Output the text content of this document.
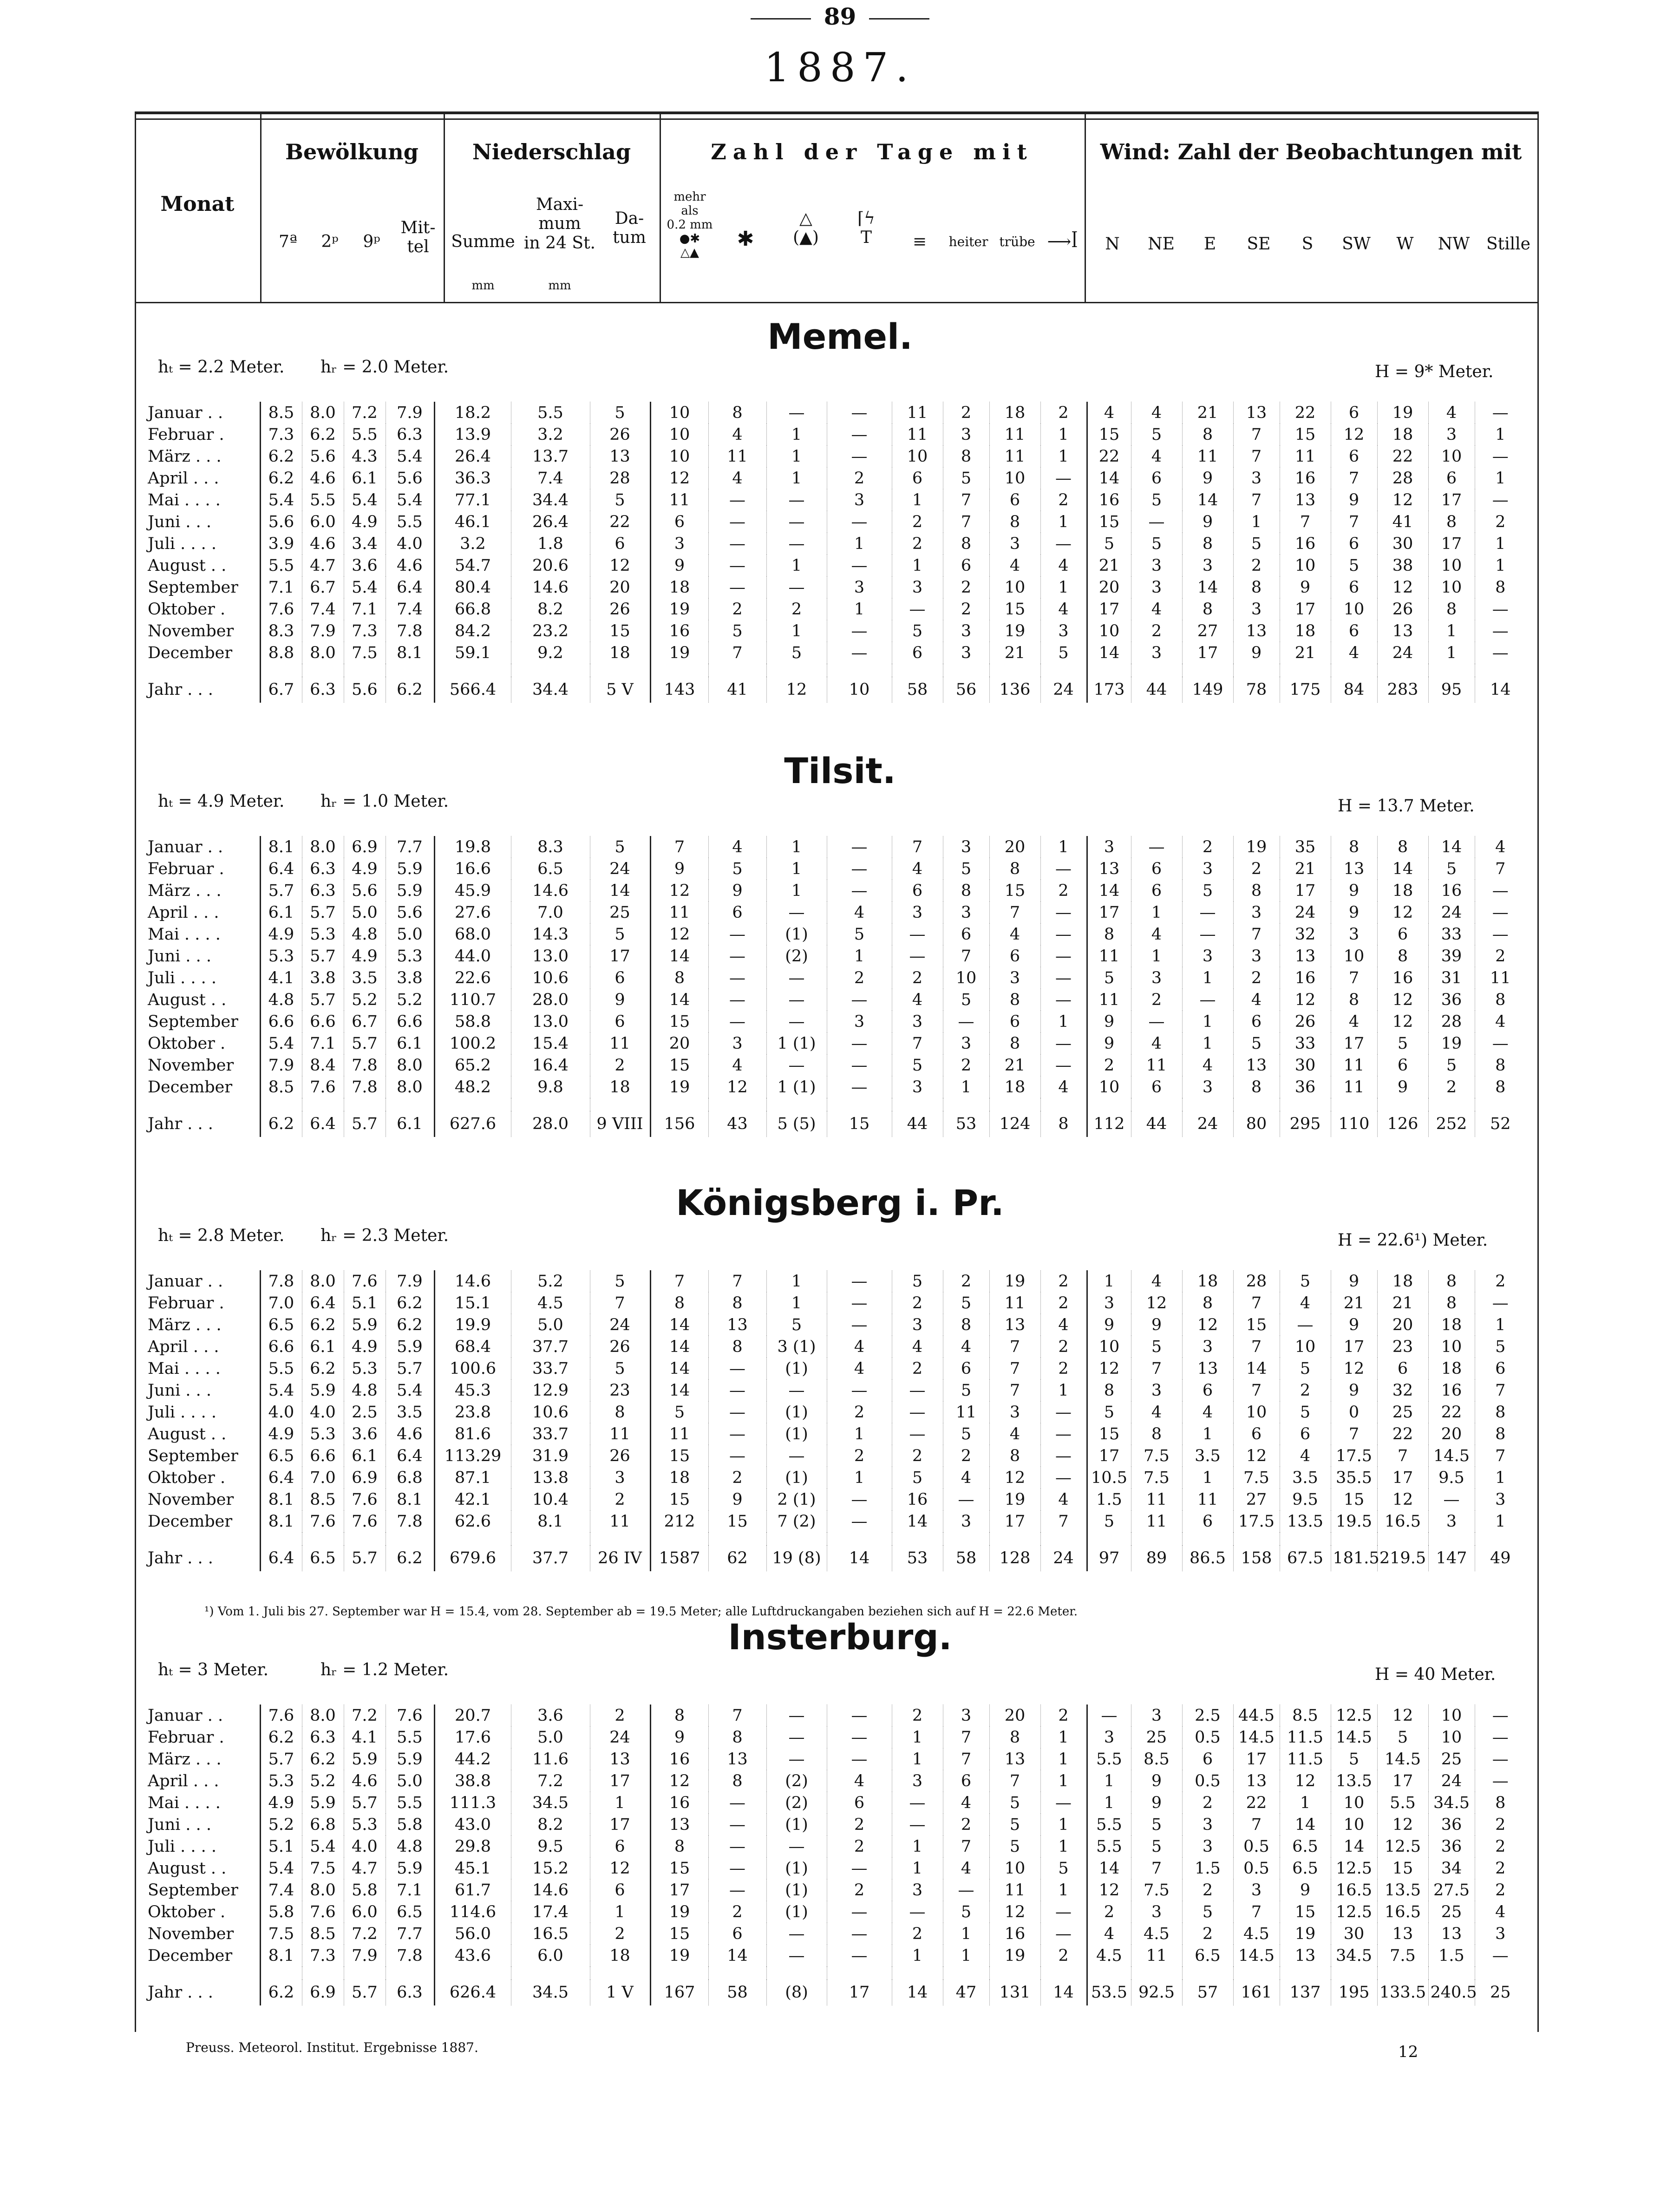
89
1887.
Monat
Bewölkung	Niederschlag	Zahl der Tage mit	Wind: Zahl der Beobachtungen mit
7ª	2ᵖ	9ᵖ
Mit-
tel	Summe
mm
Maxi-
mum
in 24 St.
mm
Da-
tum
mehr
als
0.2 mm
●✱
△▲
✱
△
(▲)
⌈ϟ
T	≡	heiter trübe ⟶ꟾ	N	NE	E	SE	S	SW	W	NW Stille
Memel.
hₜ = 2.2 Meter. hᵣ = 2.0 Meter.	H = 9* Meter.
Tilsit.
hₜ = 4.9 Meter. hᵣ = 1.0 Meter.	H = 13.7 Meter.
Königsberg i. Pr.
hₜ = 2.8 Meter. hᵣ = 2.3 Meter.	H = 22.6¹) Meter.
Insterburg.
hₜ = 3 Meter.	hᵣ = 1.2 Meter.	H = 40 Meter.
Januar . .	8.5	8.0	7.2	7.9	18.2	5.5	5	10	8	—	—	11	2	18	2	4	4	21	13	22	6	19	4	—
Februar .	7.3	6.2	5.5	6.3	13.9	3.2	26	10	4	1	—	11	3	11	1	15	5	8	7	15	12	18	3	1
März . . .	6.2	5.6	4.3	5.4	26.4	13.7	13	10	11	1	—	10	8	11	1	22	4	11	7	11	6	22	10	—
April . . .	6.2	4.6	6.1	5.6	36.3	7.4	28	12	4	1	2	6	5	10	—	14	6	9	3	16	7	28	6	1
Mai . . . .	5.4	5.5	5.4	5.4	77.1	34.4	5	11	—	—	3	1	7	6	2	16	5	14	7	13	9	12	17	—
Juni . . .	5.6	6.0	4.9	5.5	46.1	26.4	22	6	—	—	—	2	7	8	1	15	—	9	1	7	7	41	8	2
Juli . . . .	3.9	4.6	3.4	4.0	3.2	1.8	6	3	—	—	1	2	8	3	—	5	5	8	5	16	6	30	17	1
August . .	5.5	4.7	3.6	4.6	54.7	20.6	12	9	—	1	—	1	6	4	4	21	3	3	2	10	5	38	10	1
September	7.1	6.7	5.4	6.4	80.4	14.6	20	18	—	—	3	3	2	10	1	20	3	14	8	9	6	12	10	8
Oktober .	7.6	7.4	7.1	7.4	66.8	8.2	26	19	2	2	1	—	2	15	4	17	4	8	3	17	10	26	8	—
November	8.3	7.9	7.3	7.8	84.2	23.2	15	16	5	1	—	5	3	19	3	10	2	27	13	18	6	13	1	—
December	8.8	8.0	7.5	8.1	59.1	9.2	18	19	7	5	—	6	3	21	5	14	3	17	9	21	4	24	1	—

Jahr . . .	6.7	6.3	5.6	6.2	566.4	34.4	5 V	143	41	12	10	58	56	136	24	173	44	149	78	175	84	283	95	14
Januar . .	8.1	8.0	6.9	7.7	19.8	8.3	5	7	4	1	—	7	3	20	1	3	—	2	19	35	8	8	14	4
Februar .	6.4	6.3	4.9	5.9	16.6	6.5	24	9	5	1	—	4	5	8	—	13	6	3	2	21	13	14	5	7
März . . .	5.7	6.3	5.6	5.9	45.9	14.6	14	12	9	1	—	6	8	15	2	14	6	5	8	17	9	18	16	—
April . . .	6.1	5.7	5.0	5.6	27.6	7.0	25	11	6	—	4	3	3	7	—	17	1	—	3	24	9	12	24	—
Mai . . . .	4.9	5.3	4.8	5.0	68.0	14.3	5	12	—	(1)	5	—	6	4	—	8	4	—	7	32	3	6	33	—
Juni . . .	5.3	5.7	4.9	5.3	44.0	13.0	17	14	—	(2)	1	—	7	6	—	11	1	3	3	13	10	8	39	2
Juli . . . .	4.1	3.8	3.5	3.8	22.6	10.6	6	8	—	—	2	2	10	3	—	5	3	1	2	16	7	16	31	11
August . .	4.8	5.7	5.2	5.2	110.7	28.0	9	14	—	—	—	4	5	8	—	11	2	—	4	12	8	12	36	8
September	6.6	6.6	6.7	6.6	58.8	13.0	6	15	—	—	3	3	—	6	1	9	—	1	6	26	4	12	28	4
Oktober .	5.4	7.1	5.7	6.1	100.2	15.4	11	20	3	1 (1)	—	7	3	8	—	9	4	1	5	33	17	5	19	—
November	7.9	8.4	7.8	8.0	65.2	16.4	2	15	4	—	—	5	2	21	—	2	11	4	13	30	11	6	5	8
December	8.5	7.6	7.8	8.0	48.2	9.8	18	19	12	1 (1)	—	3	1	18	4	10	6	3	8	36	11	9	2	8

Jahr . . .	6.2	6.4	5.7	6.1	627.6	28.0	9 VIII	156	43	5 (5)	15	44	53	124	8	112	44	24	80	295	110	126	252	52
Januar . .	7.8	8.0	7.6	7.9	14.6	5.2	5	7	7	1	—	5	2	19	2	1	4	18	28	5	9	18	8	2
Februar .	7.0	6.4	5.1	6.2	15.1	4.5	7	8	8	1	—	2	5	11	2	3	12	8	7	4	21	21	8	—
März . . .	6.5	6.2	5.9	6.2	19.9	5.0	24	14	13	5	—	3	8	13	4	9	9	12	15	—	9	20	18	1
April . . .	6.6	6.1	4.9	5.9	68.4	37.7	26	14	8	3 (1)	4	4	4	7	2	10	5	3	7	10	17	23	10	5
Mai . . . .	5.5	6.2	5.3	5.7	100.6	33.7	5	14	—	(1)	4	2	6	7	2	12	7	13	14	5	12	6	18	6
Juni . . .	5.4	5.9	4.8	5.4	45.3	12.9	23	14	—	—	—	—	5	7	1	8	3	6	7	2	9	32	16	7
Juli . . . .	4.0	4.0	2.5	3.5	23.8	10.6	8	5	—	(1)	2	—	11	3	—	5	4	4	10	5	0	25	22	8
August . .	4.9	5.3	3.6	4.6	81.6	33.7	11	11	—	(1)	1	—	5	4	—	15	8	1	6	6	7	22	20	8
September	6.5	6.6	6.1	6.4	113.29	31.9	26	15	—	—	2	2	2	8	—	17	7.5	3.5	12	4	17.5	7	14.5	7
Oktober .	6.4	7.0	6.9	6.8	87.1	13.8	3	18	2	(1)	1	5	4	12	—	10.5	7.5	1	7.5	3.5	35.5	17	9.5	1
November	8.1	8.5	7.6	8.1	42.1	10.4	2	15	9	2 (1)	—	16	—	19	4	1.5	11	11	27	9.5	15	12	—	3
December	8.1	7.6	7.6	7.8	62.6	8.1	11	212	15	7 (2)	—	14	3	17	7	5	11	6	17.5	13.5	19.5	16.5	3	1

Jahr . . .	6.4	6.5	5.7	6.2	679.6	37.7	26 IV	1587	62	19 (8)	14	53	58	128	24	97	89	86.5	158	67.5	181.5	219.5	147	49
Januar . .	7.6	8.0	7.2	7.6	20.7	3.6	2	8	7	—	—	2	3	20	2	—	3	2.5	44.5	8.5	12.5	12	10	—
Februar .	6.2	6.3	4.1	5.5	17.6	5.0	24	9	8	—	—	1	7	8	1	3	25	0.5	14.5	11.5	14.5	5	10	—
März . . .	5.7	6.2	5.9	5.9	44.2	11.6	13	16	13	—	—	1	7	13	1	5.5	8.5	6	17	11.5	5	14.5	25	—
April . . .	5.3	5.2	4.6	5.0	38.8	7.2	17	12	8	(2)	4	3	6	7	1	1	9	0.5	13	12	13.5	17	24	—
Mai . . . .	4.9	5.9	5.7	5.5	111.3	34.5	1	16	—	(2)	6	—	4	5	—	1	9	2	22	1	10	5.5	34.5	8
Juni . . .	5.2	6.8	5.3	5.8	43.0	8.2	17	13	—	(1)	2	—	2	5	1	5.5	5	3	7	14	10	12	36	2
Juli . . . .	5.1	5.4	4.0	4.8	29.8	9.5	6	8	—	—	2	1	7	5	1	5.5	5	3	0.5	6.5	14	12.5	36	2
August . .	5.4	7.5	4.7	5.9	45.1	15.2	12	15	—	(1)	—	1	4	10	5	14	7	1.5	0.5	6.5	12.5	15	34	2
September	7.4	8.0	5.8	7.1	61.7	14.6	6	17	—	(1)	2	3	—	11	1	12	7.5	2	3	9	16.5	13.5	27.5	2
Oktober .	5.8	7.6	6.0	6.5	114.6	17.4	1	19	2	(1)	—	—	5	12	—	2	3	5	7	15	12.5	16.5	25	4
November	7.5	8.5	7.2	7.7	56.0	16.5	2	15	6	—	—	2	1	16	—	4	4.5	2	4.5	19	30	13	13	3
December	8.1	7.3	7.9	7.8	43.6	6.0	18	19	14	—	—	1	1	19	2	4.5	11	6.5	14.5	13	34.5	7.5	1.5	—

Jahr . . .	6.2	6.9	5.7	6.3	626.4	34.5	1 V	167	58	(8)	17	14	47	131	14	53.5	92.5	57	161	137	195	133.5	240.5	25
¹) Vom 1. Juli bis 27. September war H = 15.4, vom 28. September ab = 19.5 Meter; alle Luftdruckangaben beziehen sich auf H = 22.6 Meter.
Preuss. Meteorol. Institut. Ergebnisse 1887.	12
